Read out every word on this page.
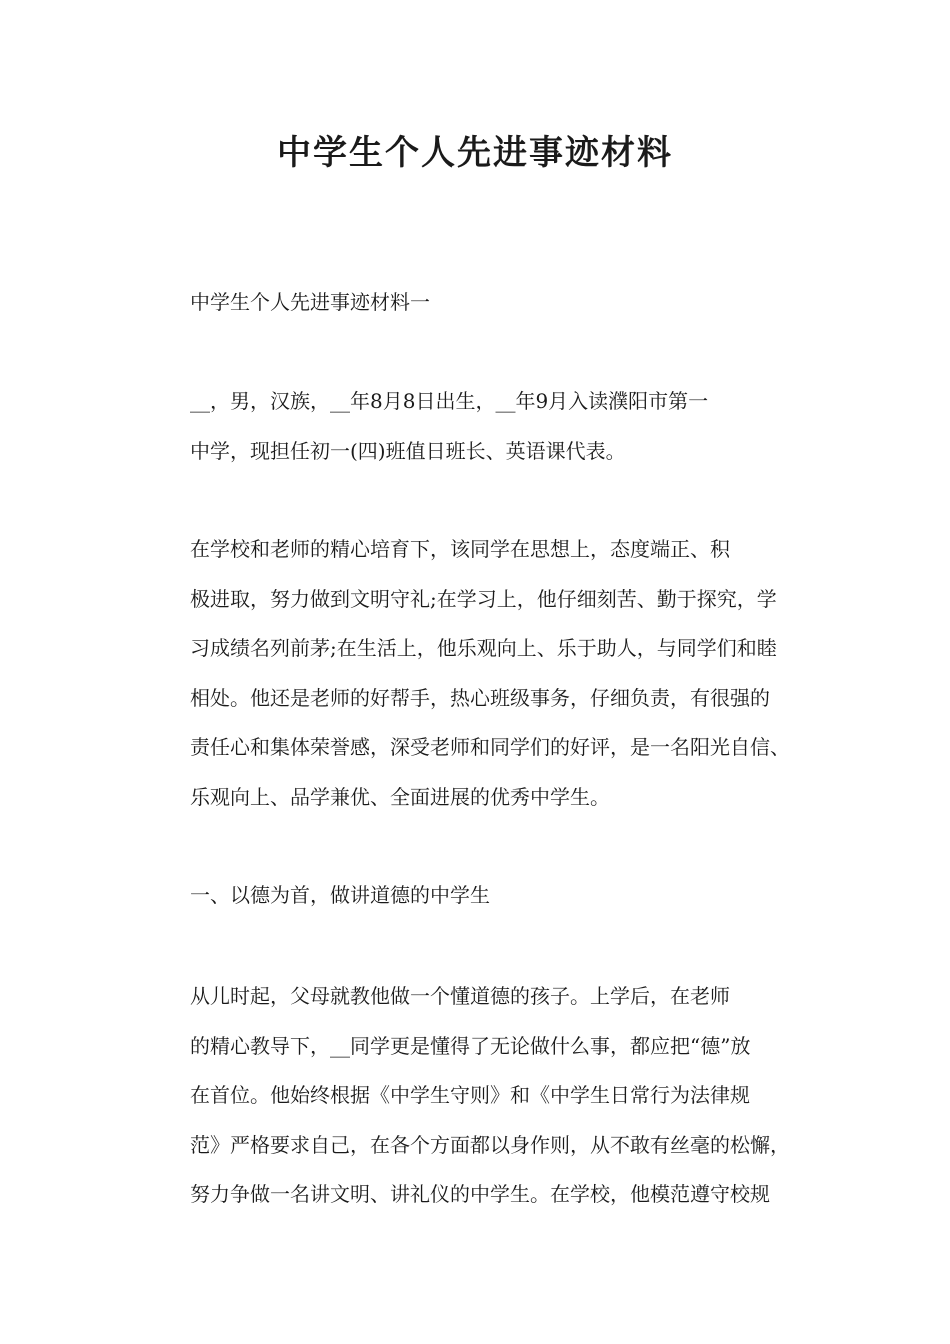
中学生个人先进事迹材料

中学生个人先进事迹材料一

__，男，汉族，__年8月8日出生，__年9月入读濮阳市第一
中学，现担任初一(四)班值日班长、英语课代表。

在学校和老师的精心培育下，该同学在思想上，态度端正、积
极进取，努力做到文明守礼;在学习上，他仔细刻苦、勤于探究，学
习成绩名列前茅;在生活上，他乐观向上、乐于助人，与同学们和睦
相处。他还是老师的好帮手，热心班级事务，仔细负责，有很强的
责任心和集体荣誉感，深受老师和同学们的好评，是一名阳光自信、
乐观向上、品学兼优、全面进展的优秀中学生。

一、以德为首，做讲道德的中学生

从儿时起，父母就教他做一个懂道德的孩子。上学后，在老师
的精心教导下，__同学更是懂得了无论做什么事，都应把“德”放
在首位。他始终根据《中学生守则》和《中学生日常行为法律规
范》严格要求自己，在各个方面都以身作则，从不敢有丝毫的松懈，
努力争做一名讲文明、讲礼仪的中学生。在学校，他模范遵守校规
